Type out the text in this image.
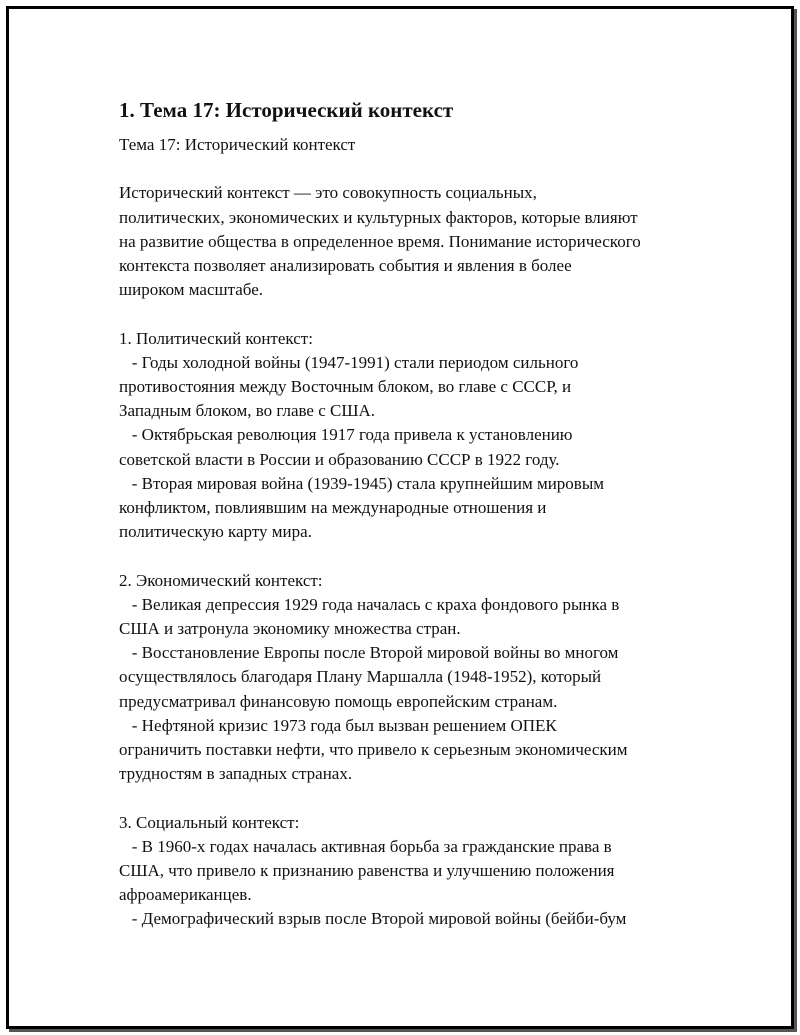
1. Тема 17: Исторический контекст

Тема 17: Исторический контекст

Исторический контекст — это совокупность социальных,

политических, экономических и культурных факторов, которые влияют

на развитие общества в определенное время. Понимание исторического

контекста позволяет анализировать события и явления в более

широком масштабе.

1. Политический контекст:

- Годы холодной войны (1947-1991) стали периодом сильного

противостояния между Восточным блоком, во главе с СССР, и

Западным блоком, во главе с США.

- Октябрьская революция 1917 года привела к установлению

советской власти в России и образованию СССР в 1922 году.

- Вторая мировая война (1939-1945) стала крупнейшим мировым

конфликтом, повлиявшим на международные отношения и

политическую карту мира.

2. Экономический контекст:

- Великая депрессия 1929 года началась с краха фондового рынка в

США и затронула экономику множества стран.

- Восстановление Европы после Второй мировой войны во многом

осуществлялось благодаря Плану Маршалла (1948-1952), который

предусматривал финансовую помощь европейским странам.

- Нефтяной кризис 1973 года был вызван решением ОПЕК

ограничить поставки нефти, что привело к серьезным экономическим

трудностям в западных странах.

3. Социальный контекст:

- В 1960-х годах началась активная борьба за гражданские права в

США, что привело к признанию равенства и улучшению положения

афроамериканцев.

- Демографический взрыв после Второй мировой войны (бейби-бум
